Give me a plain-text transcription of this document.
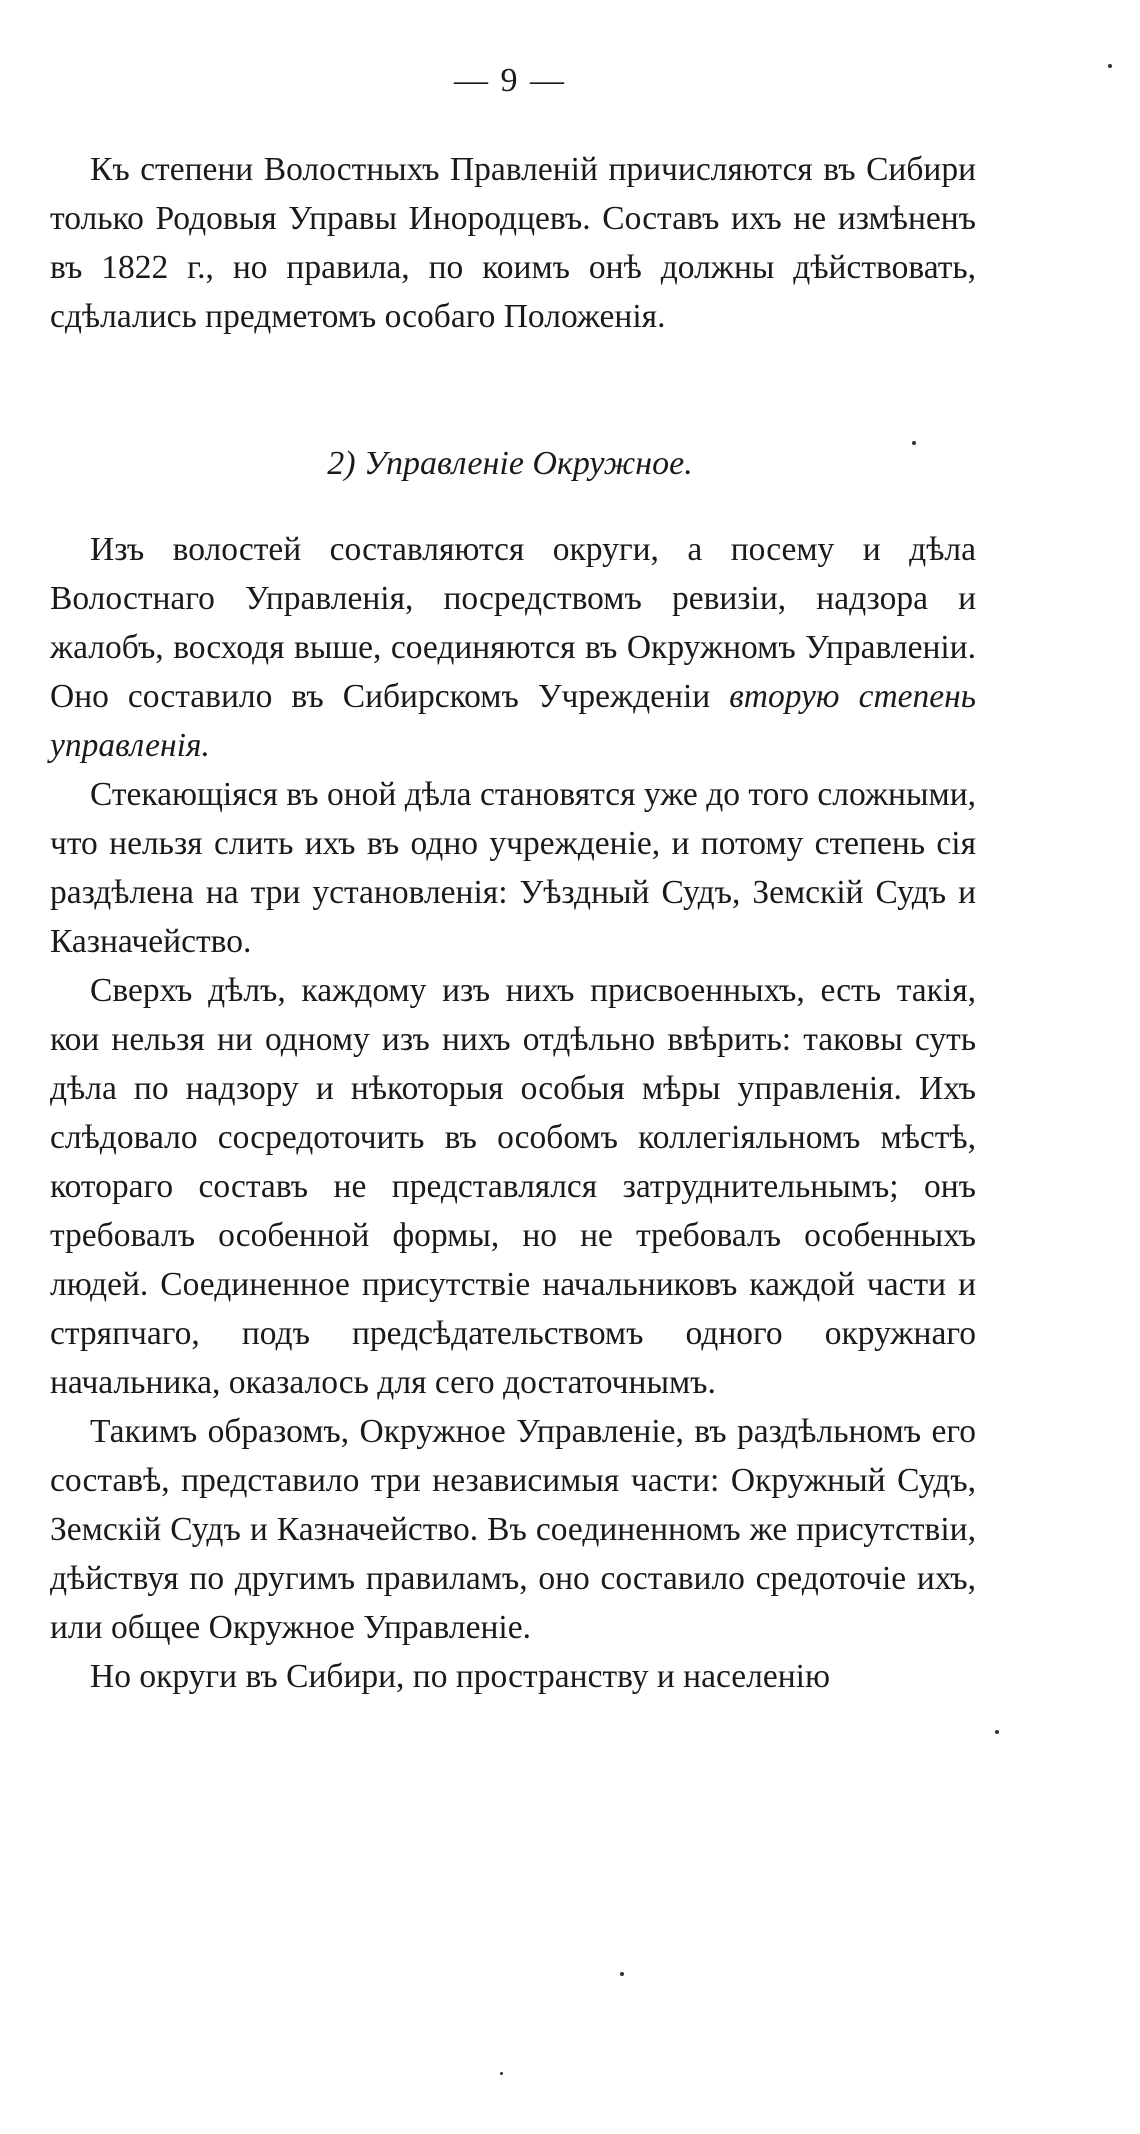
— 9 —

Къ степени Волостныхъ Правленій причисляются въ Сибири только Родовыя Управы Инородцевъ. Составъ ихъ не измѣненъ въ 1822 г., но правила, по коимъ онѣ должны дѣйствовать, сдѣлались предметомъ особаго Положенія.

2) Управленіе Окружное.

Изъ волостей составляются округи, а посему и дѣла Волостнаго Управленія, посредствомъ ревизіи, надзора и жалобъ, восходя выше, соединяются въ Окружномъ Управленіи. Оно составило въ Сибирскомъ Учрежденіи вторую степень управленія.

Стекающіяся въ оной дѣла становятся уже до того сложными, что нельзя слить ихъ въ одно учрежденіе, и потому степень сія раздѣлена на три установленія: Уѣздный Судъ, Земскій Судъ и Казначейство.

Сверхъ дѣлъ, каждому изъ нихъ присвоенныхъ, есть такія, кои нельзя ни одному изъ нихъ отдѣльно ввѣрить: таковы суть дѣла по надзору и нѣкоторыя особыя мѣры управленія. Ихъ слѣдовало сосредоточить въ особомъ коллегіяльномъ мѣстѣ, котораго составъ не представлялся затруднительнымъ; онъ требовалъ особенной формы, но не требовалъ особенныхъ людей. Соединенное присутствіе начальниковъ каждой части и стряпчаго, подъ предсѣдательствомъ одного окружнаго начальника, оказалось для сего достаточнымъ.

Такимъ образомъ, Окружное Управленіе, въ раздѣльномъ его составѣ, представило три независимыя части: Окружный Судъ, Земскій Судъ и Казначейство. Въ соединенномъ же присутствіи, дѣйствуя по другимъ правиламъ, оно составило средоточіе ихъ, или общее Окружное Управленіе.

Но округи въ Сибири, по пространству и населенію
